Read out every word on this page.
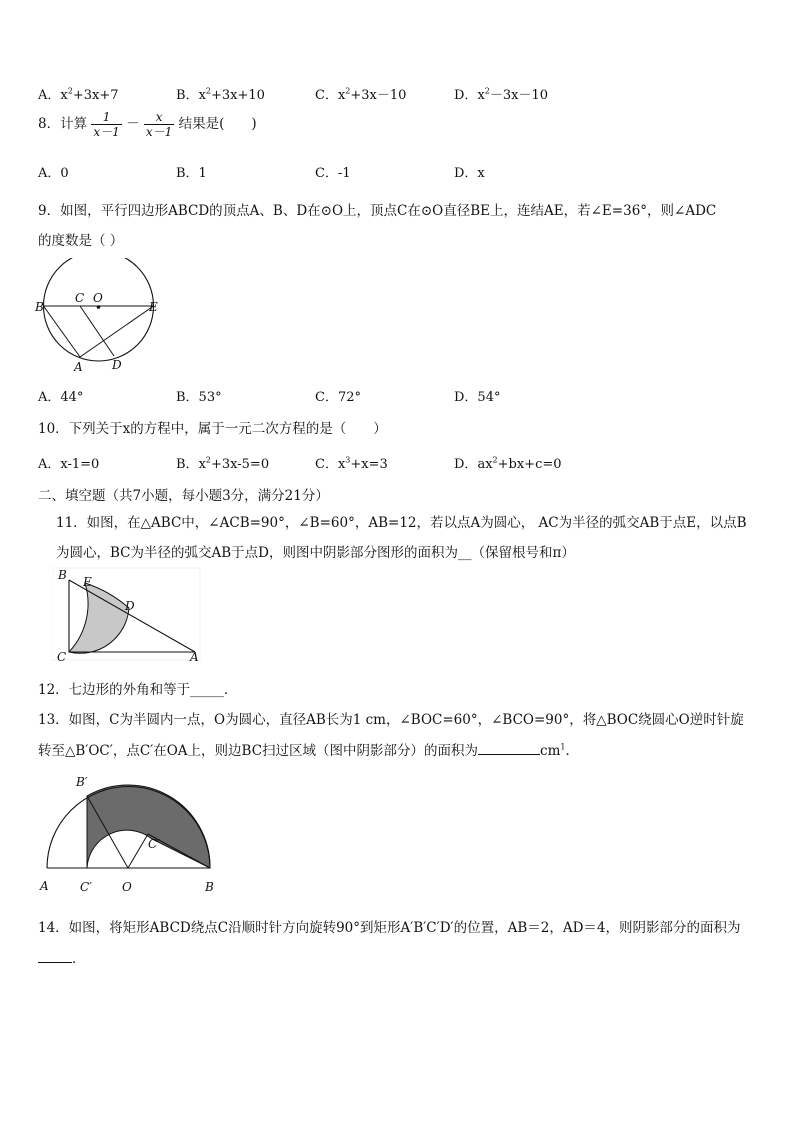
A．$x^2+3x+7$	B．$x^2+3x+10$	C．$x^2+3x-10$	D．$x^2-3x-10$
8．计算 $\frac{1}{x-1} - \frac{x}{x-1}$ 结果是(　　)
A．0	B．1	C．-1	D．x
9．如图，平行四边形ABCD的顶点A、B、D在⊙O上，顶点C在⊙O直径BE上，连结AE，若∠E=36°，则∠ADC
的度数是（ ）
B
C O
E
A D
A．44°	B．53°	C．72°	D．54°
10．下列关于x的方程中，属于一元二次方程的是（　　）
A．x-1=0	B．$x^2+3x-5=0$	C．$x^3+x=3$	D．$ax^2+bx+c=0$
二、填空题（共7小题，每小题3分，满分21分）
11．如图，在△ABC中，∠ACB=90°，∠B=60°，AB=12，若以点A为圆心， AC为半径的弧交AB于点E，以点B
为圆心，BC为半径的弧交AB于点D，则图中阴影部分图形的面积为__（保留根号和π）
B E
D
C	A
12．七边形的外角和等于_____．
13．如图，C为半圆内一点，O为圆心，直径AB长为1 cm，∠BOC=60°，∠BCO=90°，将△BOC绕圆心O逆时针旋
转至△B′OC′，点C′在OA上，则边BC扫过区域（图中阴影部分）的面积为	$cm^1$．
B′
C′
A	C′	O	B
14．如图，将矩形ABCD绕点C沿顺时针方向旋转90°到矩形A′B′C′D′的位置，AB＝2，AD＝4，则阴影部分的面积为
．
